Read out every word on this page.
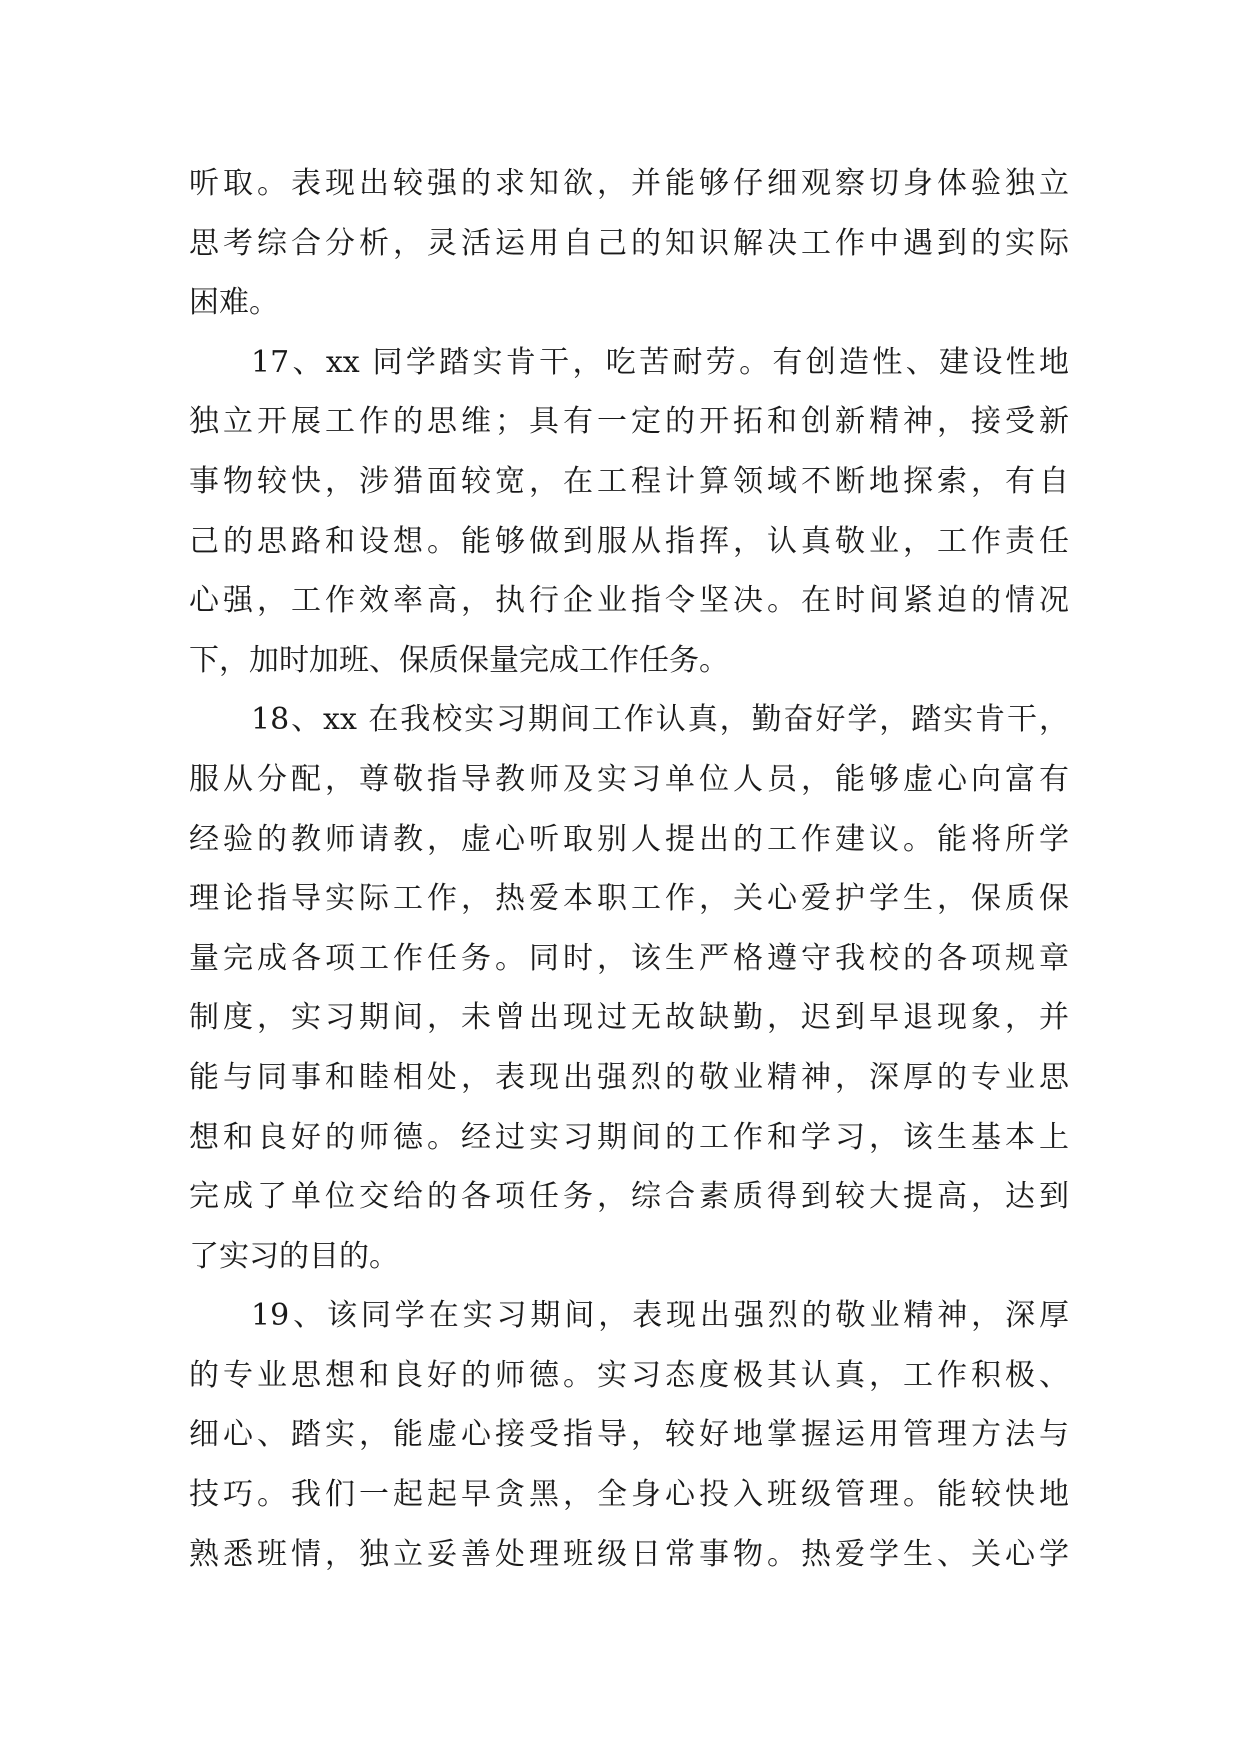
听取。表现出较强的求知欲，并能够仔细观察切身体验独立
思考综合分析，灵活运用自己的知识解决工作中遇到的实际
困难。
17、xx 同学踏实肯干，吃苦耐劳。有创造性、建设性地
独立开展工作的思维；具有一定的开拓和创新精神，接受新
事物较快，涉猎面较宽，在工程计算领域不断地探索，有自
己的思路和设想。能够做到服从指挥，认真敬业，工作责任
心强，工作效率高，执行企业指令坚决。在时间紧迫的情况
下，加时加班、保质保量完成工作任务。
18、xx 在我校实习期间工作认真，勤奋好学，踏实肯干，
服从分配，尊敬指导教师及实习单位人员，能够虚心向富有
经验的教师请教，虚心听取别人提出的工作建议。能将所学
理论指导实际工作，热爱本职工作，关心爱护学生，保质保
量完成各项工作任务。同时，该生严格遵守我校的各项规章
制度，实习期间，未曾出现过无故缺勤，迟到早退现象，并
能与同事和睦相处，表现出强烈的敬业精神，深厚的专业思
想和良好的师德。经过实习期间的工作和学习，该生基本上
完成了单位交给的各项任务，综合素质得到较大提高，达到
了实习的目的。
19、该同学在实习期间，表现出强烈的敬业精神，深厚
的专业思想和良好的师德。实习态度极其认真，工作积极、
细心、踏实，能虚心接受指导，较好地掌握运用管理方法与
技巧。我们一起起早贪黑，全身心投入班级管理。能较快地
熟悉班情，独立妥善处理班级日常事物。热爱学生、关心学
